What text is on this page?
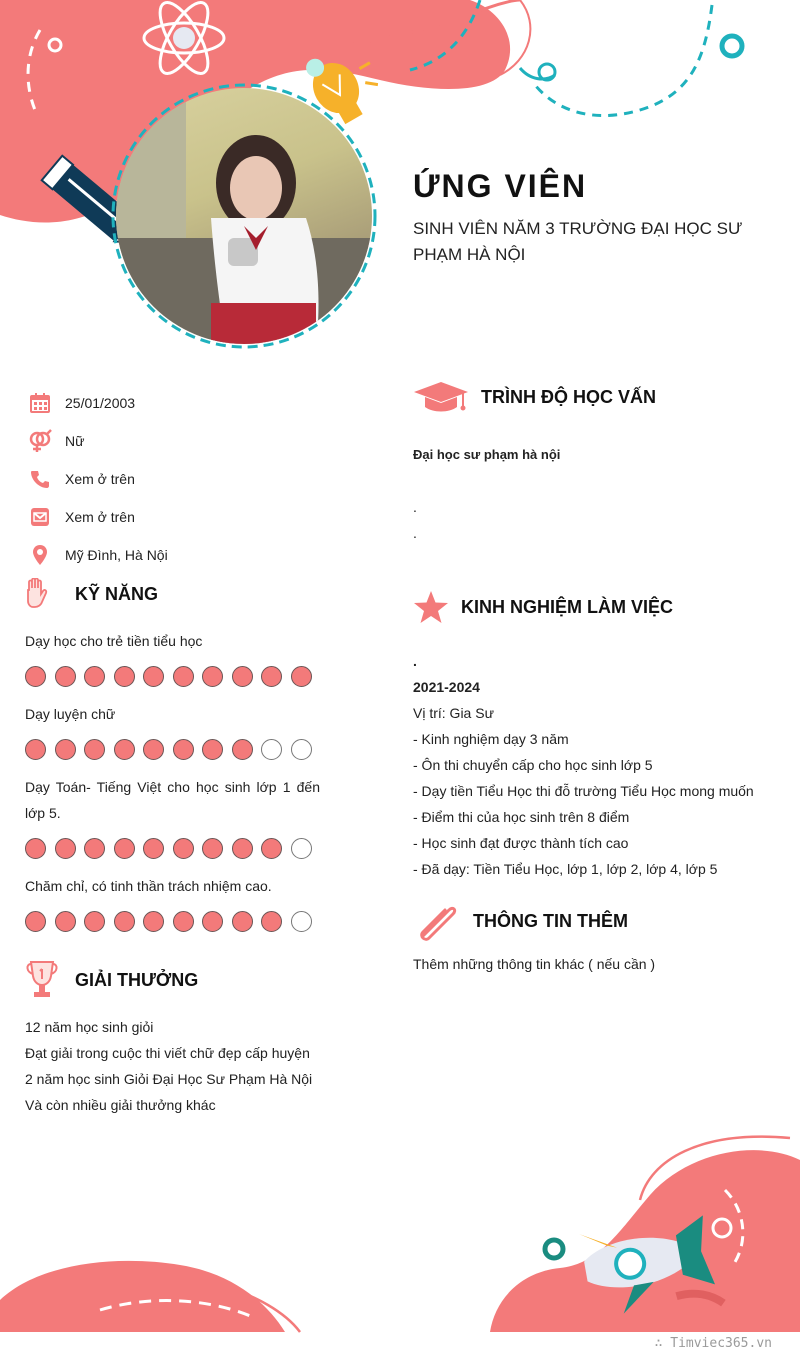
ỨNG VIÊN
SINH VIÊN NĂM 3 TRƯỜNG ĐẠI HỌC SƯ PHẠM HÀ NỘI
25/01/2003
Nữ
Xem ở trên
Xem ở trên
Mỹ Đình, Hà Nội
KỸ NĂNG
Dạy học cho trẻ tiền tiểu học
Dạy luyện chữ
Dạy Toán- Tiếng Việt cho học sinh lớp 1 đến lớp 5.
Chăm chỉ, có tinh thần trách nhiệm cao.
GIẢI THƯỞNG
12 năm học sinh giỏi
Đạt giải trong cuộc thi viết chữ đẹp cấp huyện
2 năm học sinh Giỏi Đại Học Sư Phạm Hà Nội
Và còn nhiều giải thưởng khác
TRÌNH ĐỘ HỌC VẤN
Đại học sư phạm hà nội
.
.
KINH NGHIỆM LÀM VIỆC
.
2021-2024
Vị trí: Gia Sư
- Kinh nghiệm dạy 3 năm
- Ôn thi chuyển cấp cho học sinh lớp 5
- Dạy tiền Tiểu Học thi đỗ trường Tiểu Học mong muốn
- Điểm thi của học sinh trên 8 điểm
- Học sinh đạt được thành tích cao
- Đã dạy: Tiền Tiểu Học, lớp 1, lớp 2, lớp 4, lớp 5
THÔNG TIN THÊM
Thêm những thông tin khác ( nếu cần )
∴ Timviec365.vn
